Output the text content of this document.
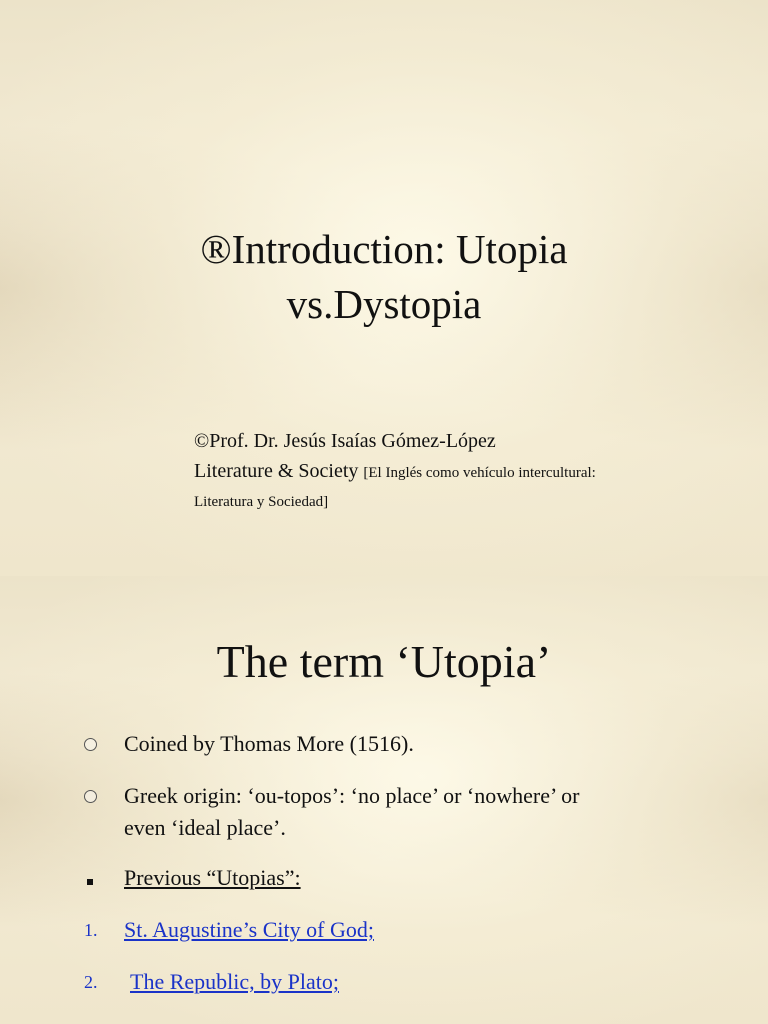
®Introduction: Utopia
vs.Dystopia
©Prof. Dr. Jesús Isaías Gómez-López
Literature & Society [El Inglés como vehículo intercultural:
Literatura y Sociedad]
The term ‘Utopia’
Coined by Thomas More (1516).
Greek origin: ‘ou-topos’: ‘no place’ or ‘nowhere’ or
even ‘ideal place’.
Previous “Utopias”:
1.	St. Augustine’s City of God;
2.	The Republic, by Plato;
